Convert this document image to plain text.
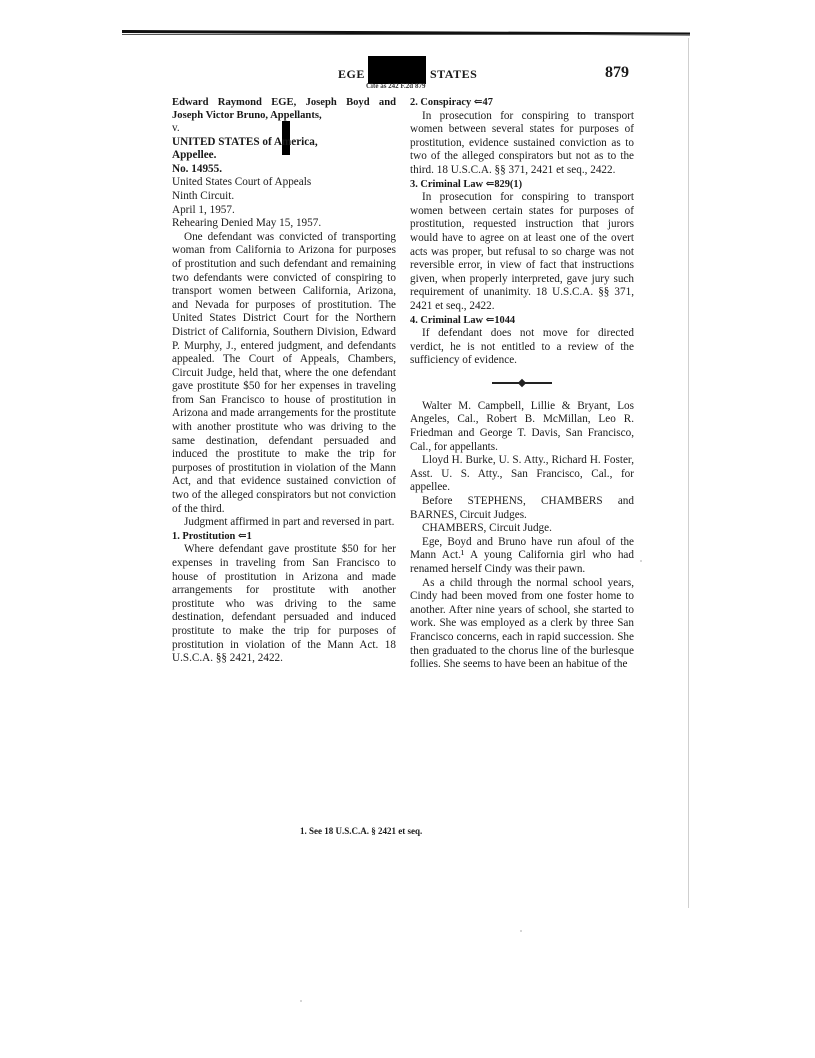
EGE	STATES
Cite as 242 F.2d 879
879

Edward Raymond EGE, Joseph Boyd and Joseph Victor Bruno, Appellants,

v.

UNITED STATES of America,

Appellee.

No. 14955.

United States Court of Appeals

Ninth Circuit.

April 1, 1957.

Rehearing Denied May 15, 1957.

One defendant was convicted of transporting woman from California to Arizona for purposes of prostitution and such defendant and remaining two defendants were convicted of conspiring to transport women between California, Arizona, and Nevada for purposes of prostitution. The United States District Court for the Northern District of California, Southern Division, Edward P. Murphy, J., entered judgment, and defendants appealed. The Court of Appeals, Chambers, Circuit Judge, held that, where the one defendant gave prostitute $50 for her expenses in traveling from San Francisco to house of prostitution in Arizona and made arrangements for the prostitute with another prostitute who was driving to the same destination, defendant persuaded and induced the prostitute to make the trip for purposes of prostitution in violation of the Mann Act, and that evidence sustained conviction of two of the alleged conspirators but not conviction of the third.

Judgment affirmed in part and reversed in part.

1. Prostitution ⇐1

Where defendant gave prostitute $50 for her expenses in traveling from San Francisco to house of prostitution in Arizona and made arrangements for prostitute with another prostitute who was driving to the same destination, defendant persuaded and induced prostitute to make the trip for purposes of prostitution in violation of the Mann Act. 18 U.S.C.A. §§ 2421, 2422.

2. Conspiracy ⇐47

In prosecution for conspiring to transport women between several states for purposes of prostitution, evidence sustained conviction as to two of the alleged conspirators but not as to the third. 18 U.S.C.A. §§ 371, 2421 et seq., 2422.

3. Criminal Law ⇐829(1)

In prosecution for conspiring to transport women between certain states for purposes of prostitution, requested instruction that jurors would have to agree on at least one of the overt acts was proper, but refusal to so charge was not reversible error, in view of fact that instructions given, when properly interpreted, gave jury such requirement of unanimity. 18 U.S.C.A. §§ 371, 2421 et seq., 2422.

4. Criminal Law ⇐1044

If defendant does not move for directed verdict, he is not entitled to a review of the sufficiency of evidence.

Walter M. Campbell, Lillie & Bryant, Los Angeles, Cal., Robert B. McMillan, Leo R. Friedman and George T. Davis, San Francisco, Cal., for appellants.

Lloyd H. Burke, U. S. Atty., Richard H. Foster, Asst. U. S. Atty., San Francisco, Cal., for appellee.

Before STEPHENS, CHAMBERS and BARNES, Circuit Judges.

CHAMBERS, Circuit Judge.

Ege, Boyd and Bruno have run afoul of the Mann Act.¹ A young California girl who had renamed herself Cindy was their pawn.

As a child through the normal school years, Cindy had been moved from one foster home to another. After nine years of school, she started to work. She was employed as a clerk by three San Francisco concerns, each in rapid succession. She then graduated to the chorus line of the burlesque follies. She seems to have been an habitue of the

1. See 18 U.S.C.A. § 2421 et seq.
